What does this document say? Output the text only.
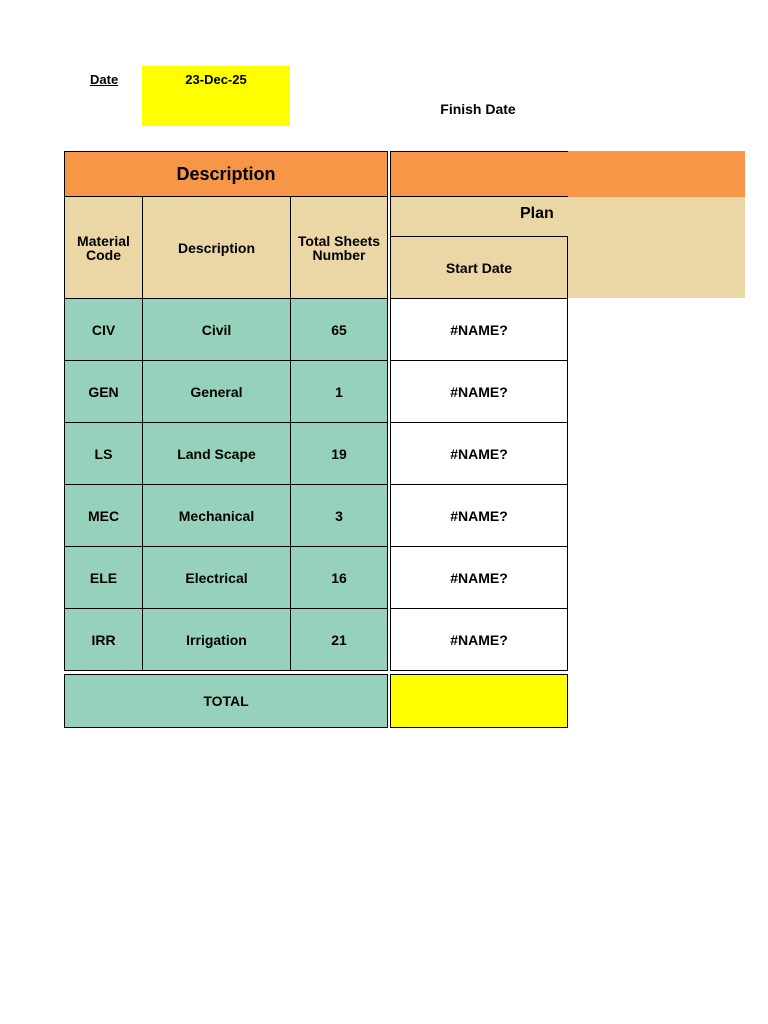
Date	23-Dec-25
Finish Date
Description
Material Code	Description	Total Sheets Number
Plan
Start Date
CIV	Civil	65	#NAME?
GEN	General	1	#NAME?
LS	Land Scape	19	#NAME?
MEC	Mechanical	3	#NAME?
ELE	Electrical	16	#NAME?
IRR	Irrigation	21	#NAME?
TOTAL
